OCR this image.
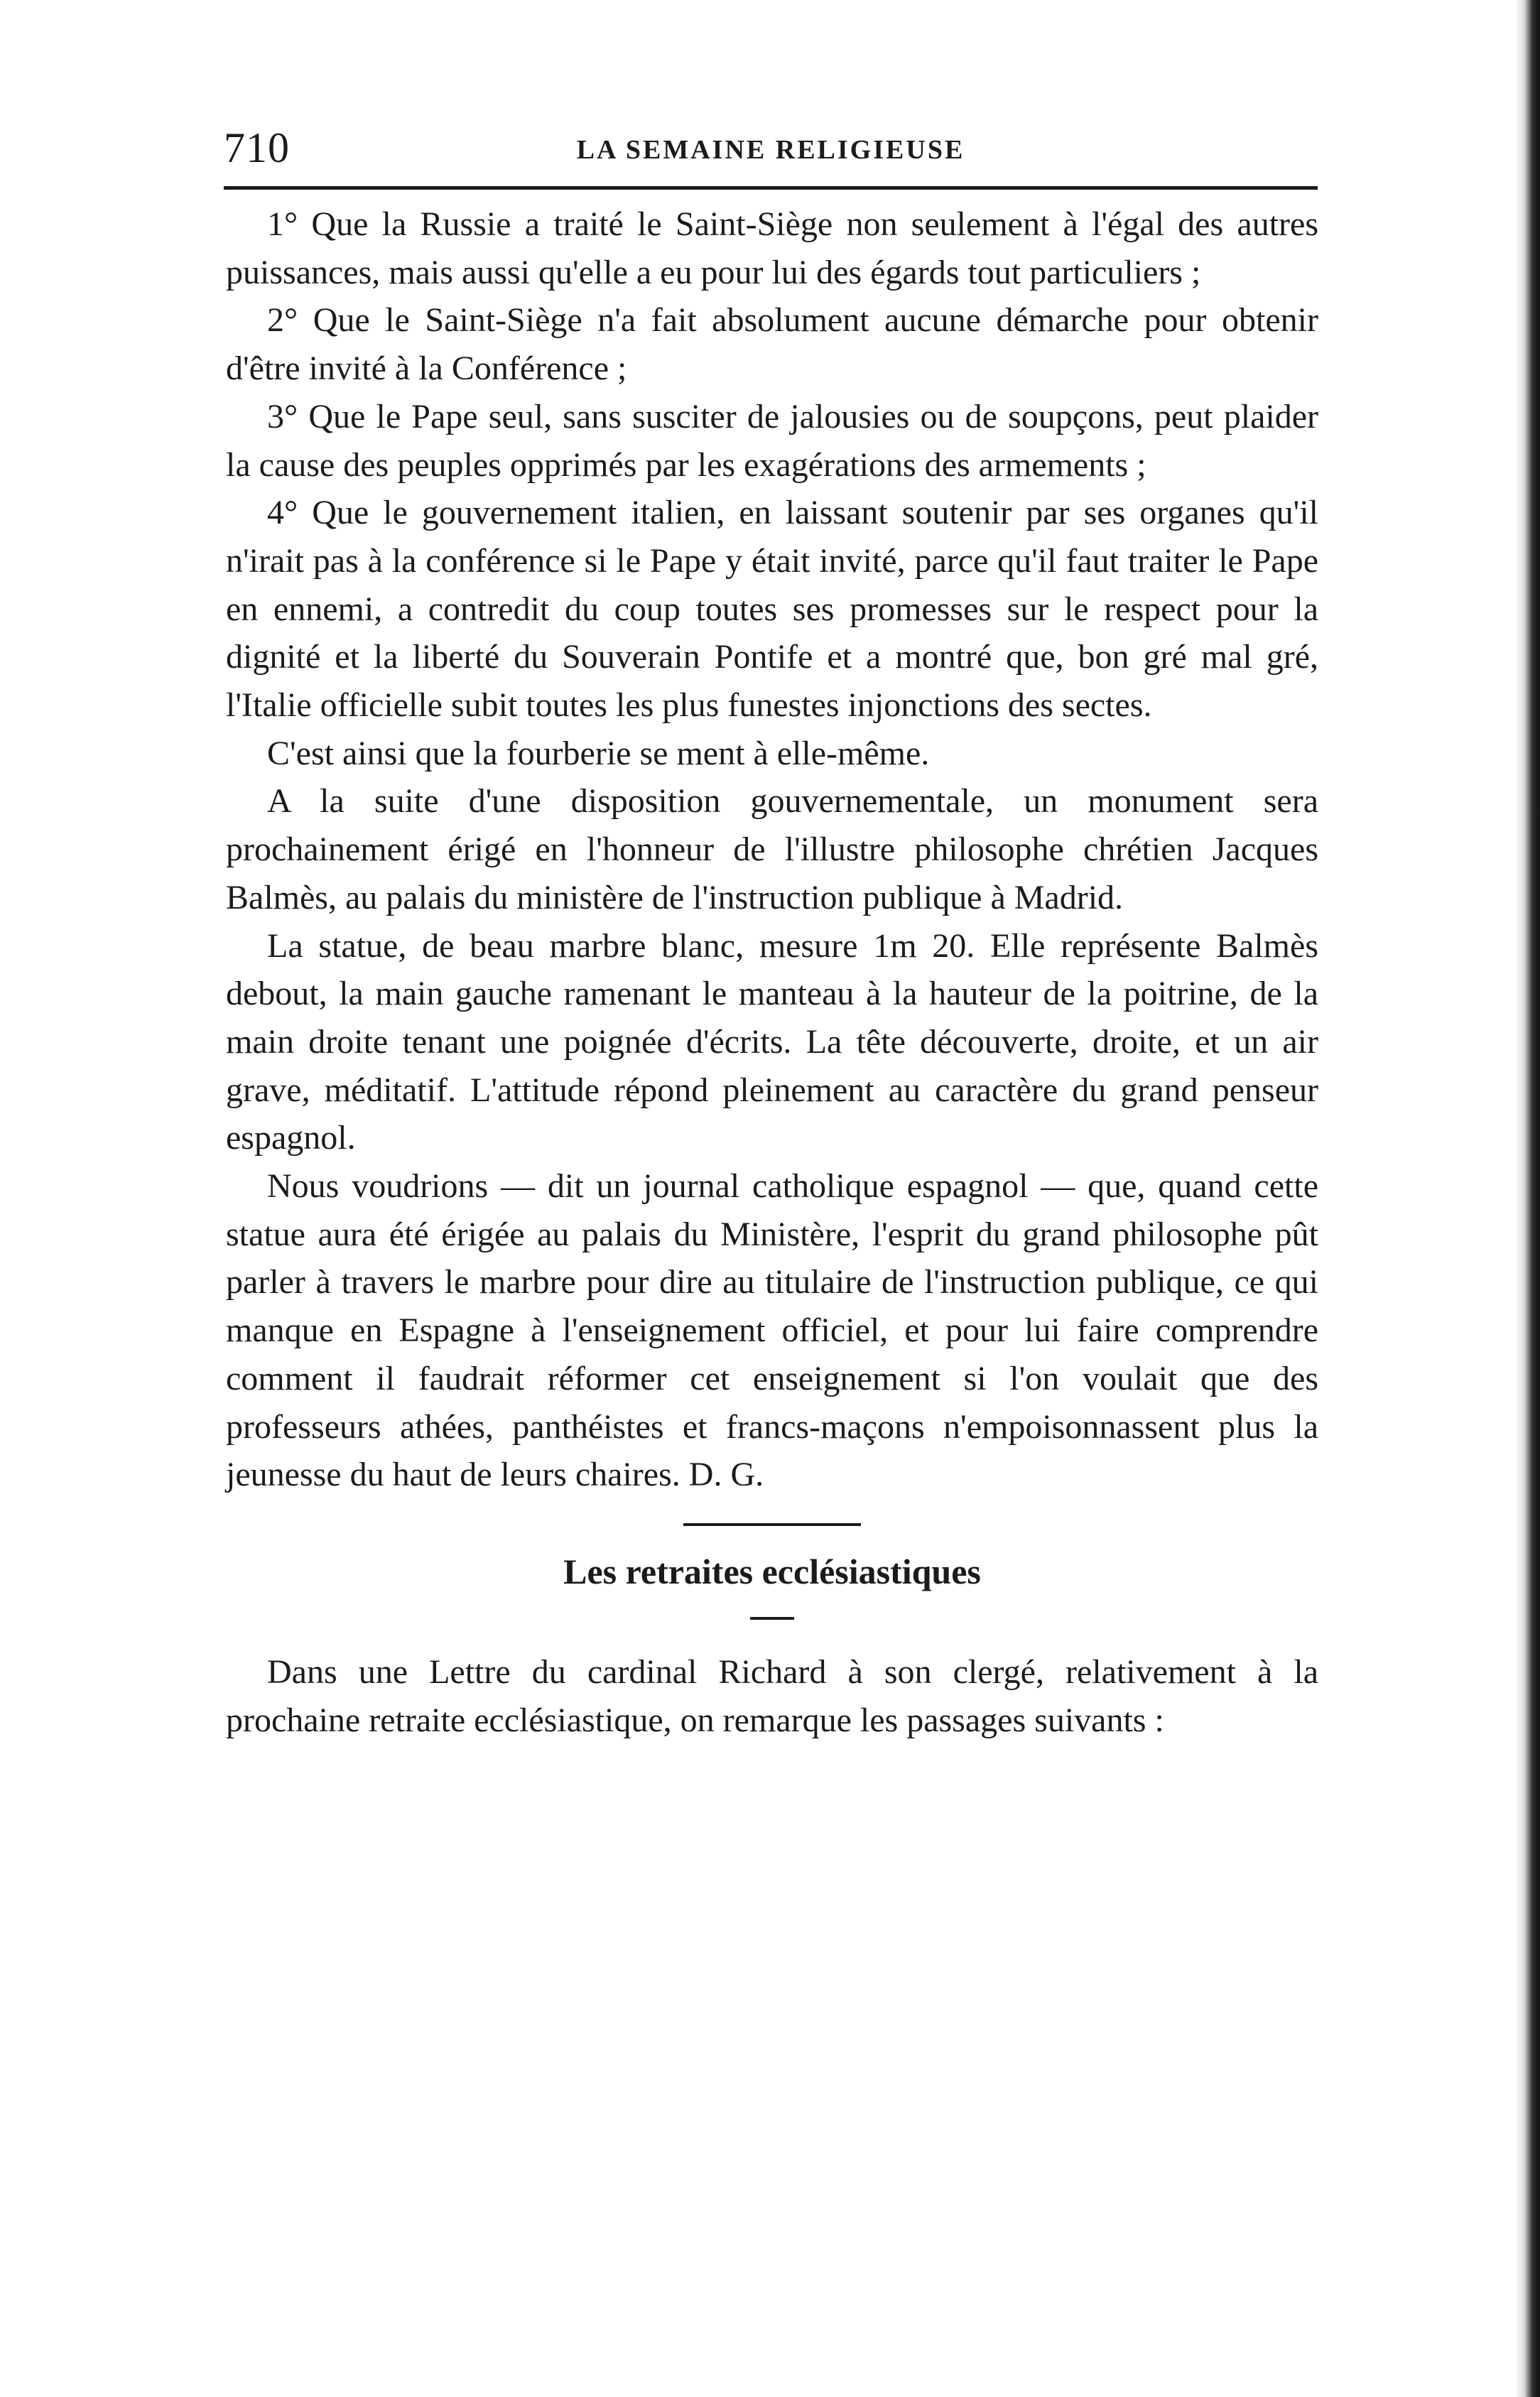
710	LA SEMAINE RELIGIEUSE

1° Que la Russie a traité le Saint-Siège non seulement à l'égal des autres puissances, mais aussi qu'elle a eu pour lui des égards tout particuliers ;

2° Que le Saint-Siège n'a fait absolument aucune démarche pour obtenir d'être invité à la Conférence ;

3° Que le Pape seul, sans susciter de jalousies ou de soupçons, peut plaider la cause des peuples opprimés par les exagérations des armements ;

4° Que le gouvernement italien, en laissant soutenir par ses organes qu'il n'irait pas à la conférence si le Pape y était invité, parce qu'il faut traiter le Pape en ennemi, a contredit du coup toutes ses promesses sur le respect pour la dignité et la liberté du Souverain Pontife et a montré que, bon gré mal gré, l'Italie officielle subit toutes les plus funestes injonctions des sectes.

C'est ainsi que la fourberie se ment à elle-même.

A la suite d'une disposition gouvernementale, un monument sera prochainement érigé en l'honneur de l'illustre philosophe chrétien Jacques Balmès, au palais du ministère de l'instruction publique à Madrid.

La statue, de beau marbre blanc, mesure 1m 20. Elle représente Balmès debout, la main gauche ramenant le manteau à la hauteur de la poitrine, de la main droite tenant une poignée d'écrits. La tête découverte, droite, et un air grave, méditatif. L'attitude répond pleinement au caractère du grand penseur espagnol.

Nous voudrions — dit un journal catholique espagnol — que, quand cette statue aura été érigée au palais du Ministère, l'esprit du grand philosophe pût parler à travers le marbre pour dire au titulaire de l'instruction publique, ce qui manque en Espagne à l'enseignement officiel, et pour lui faire comprendre comment il faudrait réformer cet enseignement si l'on voulait que des professeurs athées, panthéistes et francs-maçons n'empoisonnassent plus la jeunesse du haut de leurs chaires. D. G.

Les retraites ecclésiastiques

Dans une Lettre du cardinal Richard à son clergé, relativement à la prochaine retraite ecclésiastique, on remarque les passages suivants :
